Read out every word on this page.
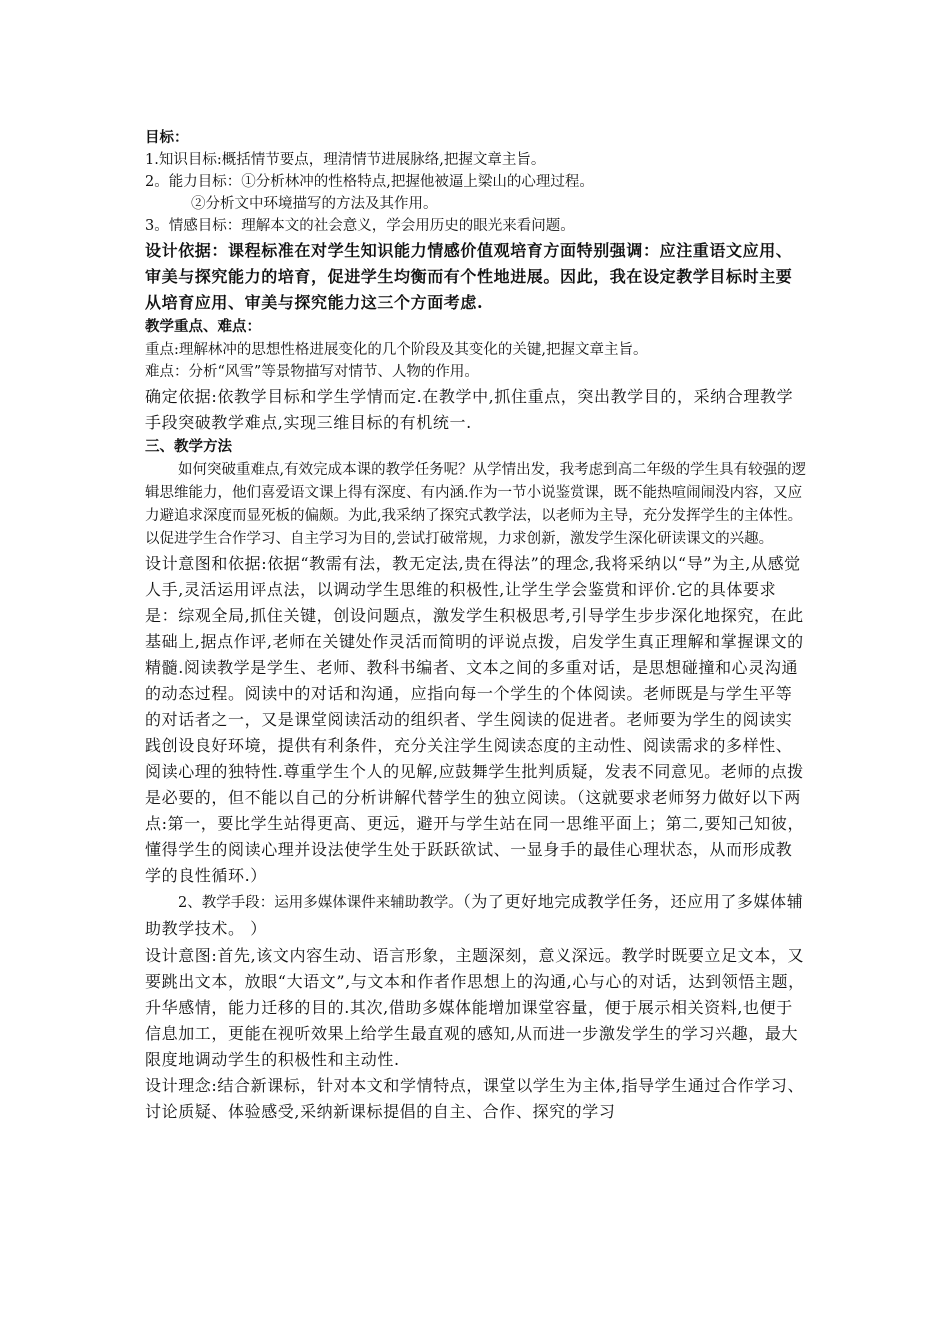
目标：

1.知识目标:概括情节要点，理清情节进展脉络,把握文章主旨。

2。能力目标：①分析林冲的性格特点,把握他被逼上梁山的心理过程。

②分析文中环境描写的方法及其作用。

3。情感目标：理解本文的社会意义，学会用历史的眼光来看问题。

设计依据：课程标准在对学生知识能力情感价值观培育方面特别强调：应注重语文应用、审美与探究能力的培育，促进学生均衡而有个性地进展。因此，我在设定教学目标时主要从培育应用、审美与探究能力这三个方面考虑.

教学重点、难点：

重点:理解林冲的思想性格进展变化的几个阶段及其变化的关键,把握文章主旨。

难点：分析“风雪”等景物描写对情节、人物的作用。

确定依据:依教学目标和学生学情而定.在教学中,抓住重点，突出教学目的，采纳合理教学手段突破教学难点,实现三维目标的有机统一.

三、教学方法

如何突破重难点,有效完成本课的教学任务呢？从学情出发，我考虑到高二年级的学生具有较强的逻辑思维能力，他们喜爱语文课上得有深度、有内涵.作为一节小说鉴赏课，既不能热喧闹闹没内容，又应力避追求深度而显死板的偏颇。为此,我采纳了探究式教学法，以老师为主导，充分发挥学生的主体性。以促进学生合作学习、自主学习为目的,尝试打破常规，力求创新，激发学生深化研读课文的兴趣。

设计意图和依据:依据“教需有法，教无定法,贵在得法”的理念,我将采纳以“导”为主,从感觉人手,灵活运用评点法，以调动学生思维的积极性,让学生学会鉴赏和评价.它的具体要求是：综观全局,抓住关键，创设问题点，激发学生积极思考,引导学生步步深化地探究，在此基础上,据点作评,老师在关键处作灵活而简明的评说点拨，启发学生真正理解和掌握课文的精髓.阅读教学是学生、老师、教科书编者、文本之间的多重对话，是思想碰撞和心灵沟通的动态过程。阅读中的对话和沟通，应指向每一个学生的个体阅读。老师既是与学生平等的对话者之一，又是课堂阅读活动的组织者、学生阅读的促进者。老师要为学生的阅读实践创设良好环境，提供有利条件，充分关注学生阅读态度的主动性、阅读需求的多样性、阅读心理的独特性.尊重学生个人的见解,应鼓舞学生批判质疑，发表不同意见。老师的点拨是必要的，但不能以自己的分析讲解代替学生的独立阅读。（这就要求老师努力做好以下两点:第一，要比学生站得更高、更远，避开与学生站在同一思维平面上；第二,要知己知彼，懂得学生的阅读心理并设法使学生处于跃跃欲试、一显身手的最佳心理状态，从而形成教学的良性循环.）

2、教学手段：运用多媒体课件来辅助教学。（为了更好地完成教学任务，还应用了多媒体辅助教学技术。 ）

设计意图:首先,该文内容生动、语言形象，主题深刻，意义深远。教学时既要立足文本，又要跳出文本，放眼“大语文”,与文本和作者作思想上的沟通,心与心的对话，达到领悟主题，升华感情，能力迁移的目的.其次,借助多媒体能增加课堂容量，便于展示相关资料,也便于信息加工，更能在视听效果上给学生最直观的感知,从而进一步激发学生的学习兴趣，最大限度地调动学生的积极性和主动性.

设计理念:结合新课标，针对本文和学情特点，课堂以学生为主体,指导学生通过合作学习、讨论质疑、体验感受,采纳新课标提倡的自主、合作、探究的学习
